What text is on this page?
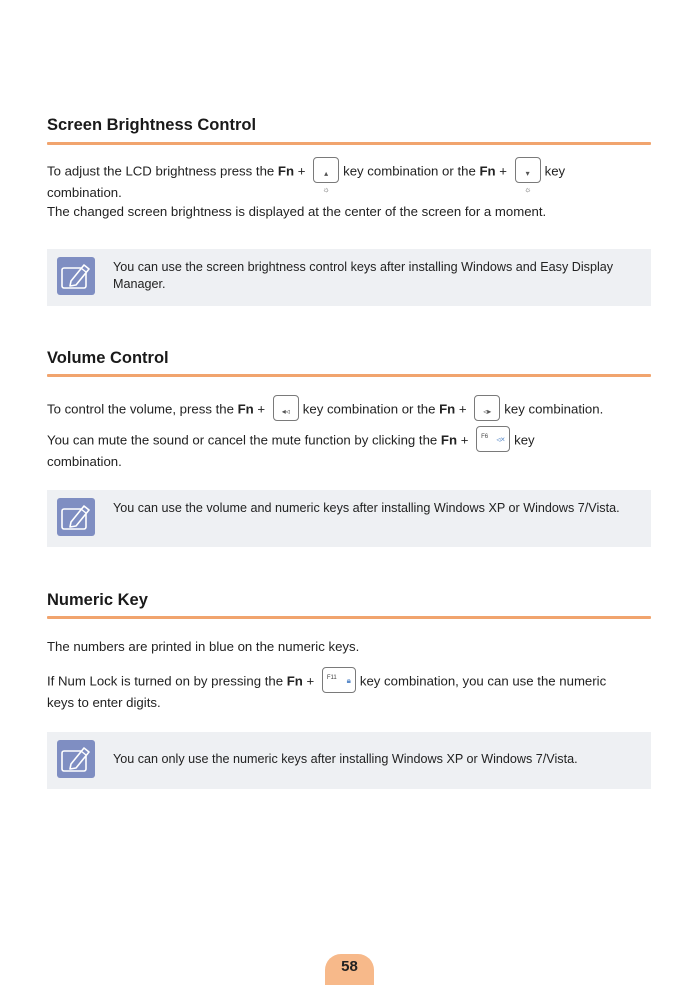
Screen Brightness Control

To adjust the LCD brightness press the Fn +	▴
☼
key combination or the Fn +	▾
☼
key
combination.

The changed screen brightness is displayed at the center of the screen for a moment.

You can use the screen brightness control keys after installing Windows and Easy Display Manager.
Volume Control

To control the volume, press the Fn +	◂◃ key combination or the Fn +	◃▸ key combination.

You can mute the sound or cancel the mute function by clicking the Fn + F6 ◃× key
combination.

You can use the volume and numeric keys after installing Windows XP or Windows 7/Vista.
Numeric Key

The numbers are printed in blue on the numeric keys.

If Num Lock is turned on by pressing the Fn + F11 🔒︎ key combination, you can use the numeric
keys to enter digits.

You can only use the numeric keys after installing Windows XP or Windows 7/Vista.
58
